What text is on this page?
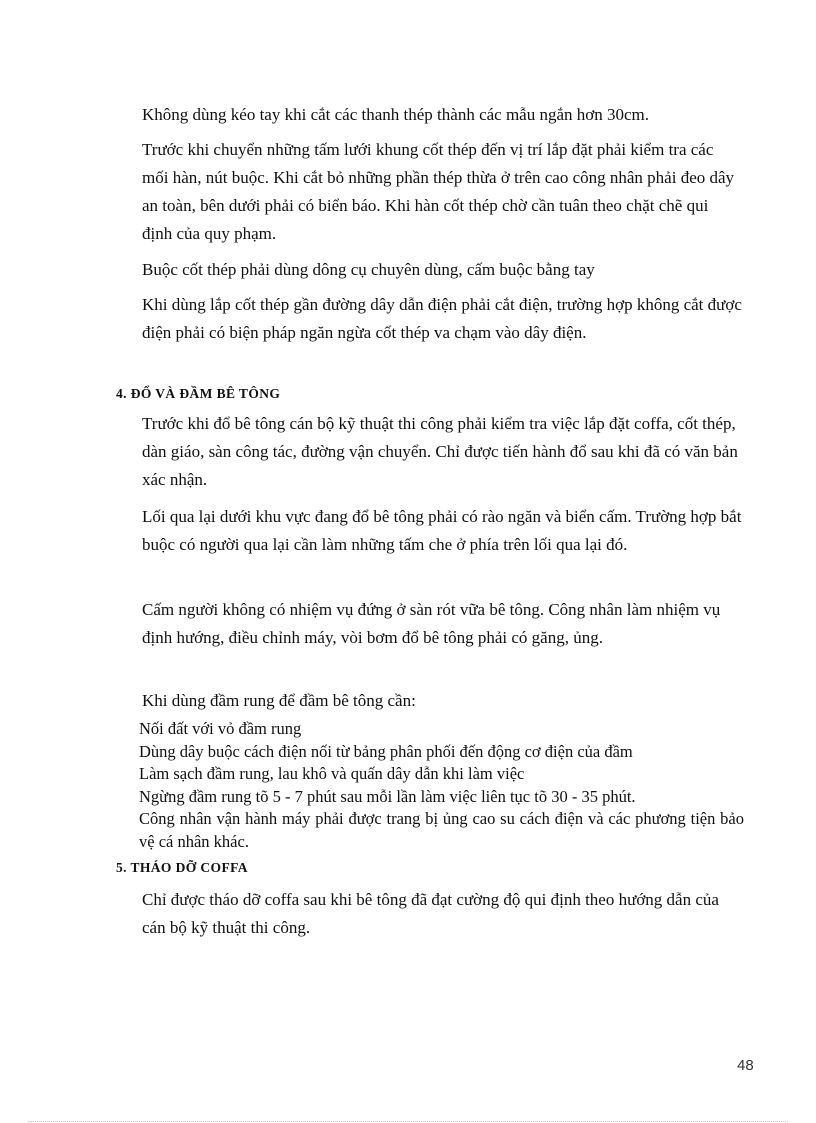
Không dùng kéo tay khi cắt các thanh thép thành các mẫu ngắn hơn 30cm.

Trước khi chuyển những tấm lưới khung cốt thép đến vị trí lắp đặt phải kiểm tra các mối hàn, nút buộc. Khi cắt bỏ những phần thép thừa ở trên cao công nhân phải đeo dây an toàn, bên dưới phải có biển báo. Khi hàn cốt thép chờ cần tuân theo chặt chẽ qui định của quy phạm.

Buộc cốt thép phải dùng dông cụ chuyên dùng, cấm buộc bằng tay

Khi dùng lắp cốt thép gần đường dây dẫn điện phải cắt điện, trường hợp không cắt được điện phải có biện pháp ngăn ngừa cốt thép va chạm vào dây điện.

4. ĐỔ VÀ ĐẦM BÊ TÔNG

Trước khi đổ bê tông cán bộ kỹ thuật thi công phải kiểm tra việc lắp đặt coffa, cốt thép, dàn giáo, sàn công tác, đường vận chuyển. Chỉ được tiến hành đổ sau khi đã có văn bản xác nhận.

Lối qua lại dưới khu vực đang đổ bê tông phải có rào ngăn và biển cấm. Trường hợp bắt buộc có người qua lại cần làm những tấm che ở phía trên lối qua lại đó.

Cấm người không có nhiệm vụ đứng ở sàn rót vữa bê tông. Công nhân làm nhiệm vụ định hướng, điều chỉnh máy, vòi bơm đổ bê tông phải có găng, ủng.

Khi dùng đầm rung để đầm bê tông cần:

Nối đất với vỏ đầm rung
Dùng dây buộc cách điện nối từ bảng phân phối đến động cơ điện của đầm
Làm sạch đầm rung, lau khô và quấn dây dẫn khi làm việc
Ngừng đầm rung tõ 5 - 7 phút sau mỗi lần làm việc liên tục tõ 30 - 35 phút.
Công nhân vận hành máy phải được trang bị ủng cao su cách điện và các phương tiện bảo vệ cá nhân khác.
5. THÁO DỠ COFFA

Chỉ được tháo dỡ coffa sau khi bê tông đã đạt cường độ qui định theo hướng dẫn của cán bộ kỹ thuật thi công.

48
